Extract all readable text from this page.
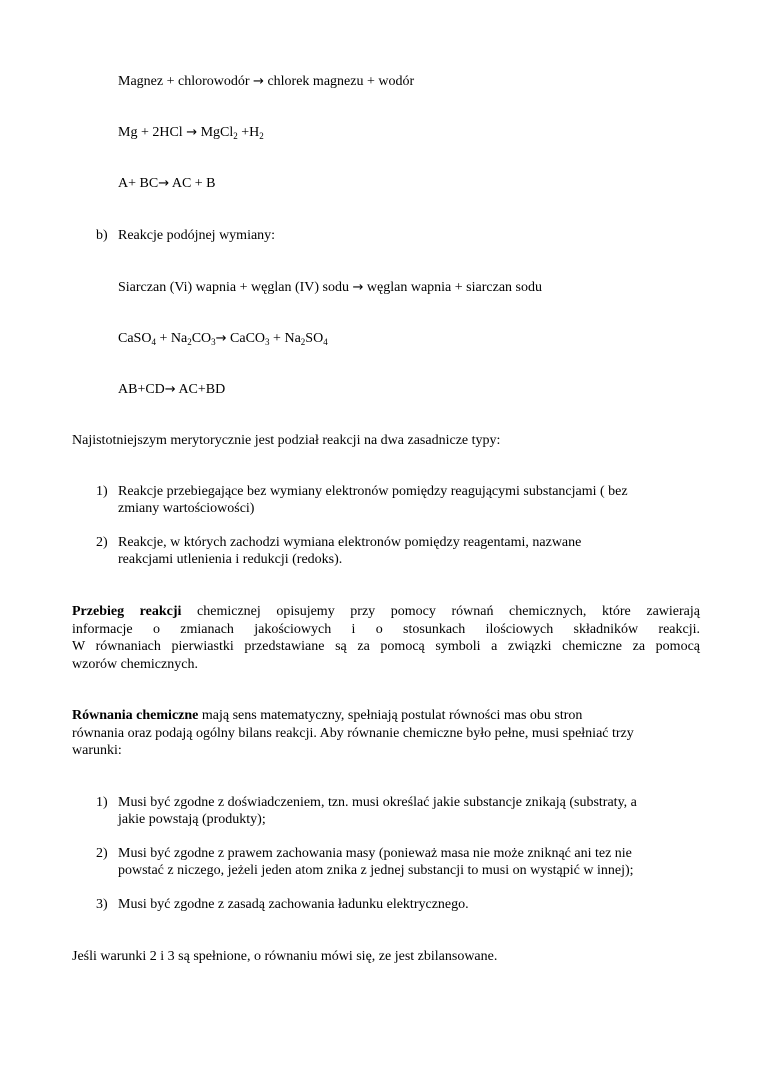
Magnez + chlorowodór → chlorek magnezu + wodór
Mg + 2HCl → MgCl$_2$ $+H_2$
A+ BC→ AC + B
b) Reakcje podójnej wymiany:
Siarczan (Vi) wapnia + węglan (IV) sodu → węglan wapnia + siarczan sodu
CaSO$_4$ + $Na_2CO_3\to$ CaCO$_3$ + $Na_2SO_4$
AB+CD→ AC+BD
Najistotniejszym merytorycznie jest podział reakcji na dwa zasadnicze typy:
1) Reakcje przebiegające bez wymiany elektronów pomiędzy reagującymi substancjami ( bez
zmiany wartościowości)
2) Reakcje, w których zachodzi wymiana elektronów pomiędzy reagentami, nazwane
reakcjami utlenienia i redukcji (redoks).

Przebieg reakcji chemicznej opisujemy przy pomocy równań chemicznych, które zawierają

informacje o zmianach jakościowych i o stosunkach ilościowych składników reakcji.

W równaniach pierwiastki przedstawiane są za pomocą symboli a związki chemiczne za pomocą

wzorów chemicznych.

Równania chemiczne mają sens matematyczny, spełniają postulat równości mas obu stron

równania oraz podają ogólny bilans reakcji. Aby równanie chemiczne było pełne, musi spełniać trzy

warunki:

1) Musi być zgodne z doświadczeniem, tzn. musi określać jakie substancje znikają (substraty, a
jakie powstają (produkty);
2) Musi być zgodne z prawem zachowania masy (ponieważ masa nie może zniknąć ani tez nie
powstać z niczego, jeżeli jeden atom znika z jednej substancji to musi on wystąpić w innej);
3) Musi być zgodne z zasadą zachowania ładunku elektrycznego.
Jeśli warunki 2 i 3 są spełnione, o równaniu mówi się, ze jest zbilansowane.
